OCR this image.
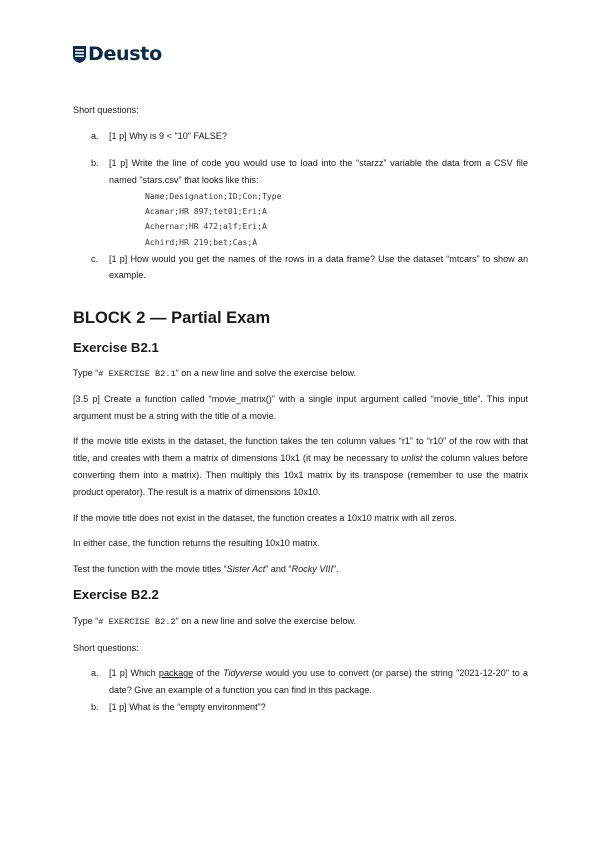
Deusto

Short questions:

a. [1 p] Why is 9 < "10" FALSE?
b. [1 p] Write the line of code you would use to load into the “starzz” variable the data from a CSV file named "stars.csv" that looks like this:

Name;Designation;ID;Con;Type
Acamar;HR 897;tet01;Eri;A
Achernar;HR 472;alf;Eri;A
Achird;HR 219;bet;Cas;A
c. [1 p] How would you get the names of the rows in a data frame? Use the dataset “mtcars” to show an example.

BLOCK 2 — Partial Exam
Exercise B2.1

Type “# EXERCISE B2.1” on a new line and solve the exercise below.

[3.5 p] Create a function called “movie_matrix()” with a single input argument called “movie_title”. This input argument must be a string with the title of a movie.

If the movie title exists in the dataset, the function takes the ten column values “r1” to “r10” of the row with that title, and creates with them a matrix of dimensions 10x1 (it may be necessary to unlist the column values before converting them into a matrix). Then multiply this 10x1 matrix by its transpose (remember to use the matrix product operator). The result is a matrix of dimensions 10x10.

If the movie title does not exist in the dataset, the function creates a 10x10 matrix with all zeros.

In either case, the function returns the resulting 10x10 matrix.

Test the function with the movie titles “Sister Act” and “Rocky VIII”.

Exercise B2.2

Type “# EXERCISE B2.2” on a new line and solve the exercise below.

Short questions:

a. [1 p] Which package of the Tidyverse would you use to convert (or parse) the string "2021-12-20" to a date? Give an example of a function you can find in this package.

b. [1 p] What is the “empty environment”?
